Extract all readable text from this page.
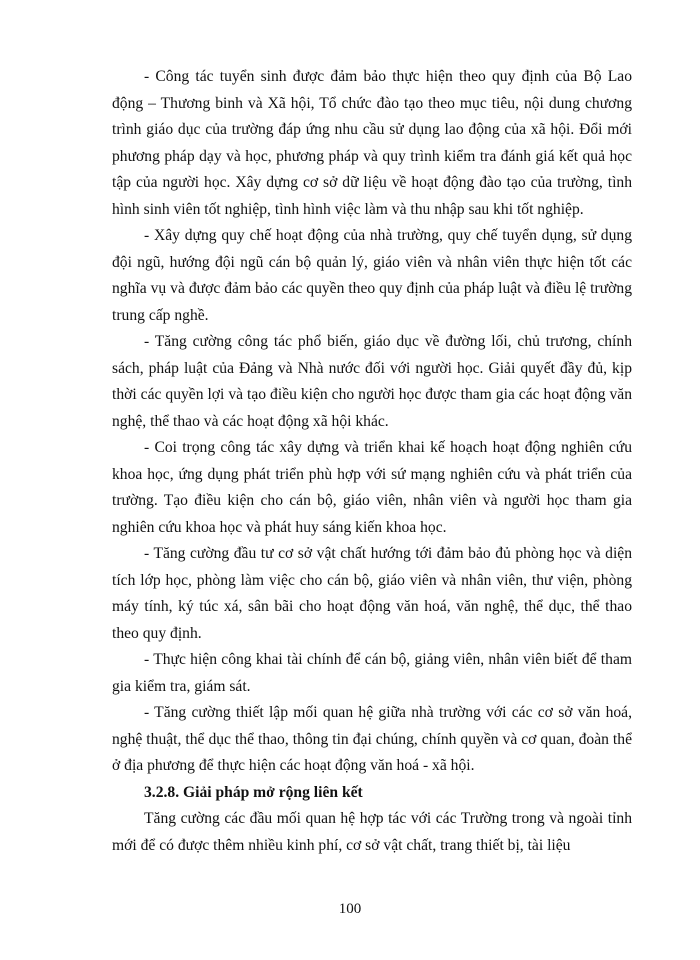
- Công tác tuyển sinh được đảm bảo thực hiện theo quy định của Bộ Lao động – Thương binh và Xã hội, Tổ chức đào tạo theo mục tiêu, nội dung chương trình giáo dục của trường đáp ứng nhu cầu sử dụng lao động của xã hội. Đổi mới phương pháp dạy và học, phương pháp và quy trình kiểm tra đánh giá kết quả học tập của người học. Xây dựng cơ sở dữ liệu về hoạt động đào tạo của trường, tình hình sinh viên tốt nghiệp, tình hình việc làm và thu nhập sau khi tốt nghiệp.

- Xây dựng quy chế hoạt động của nhà trường, quy chế tuyển dụng, sử dụng đội ngũ, hướng đội ngũ cán bộ quản lý, giáo viên và nhân viên thực hiện tốt các nghĩa vụ và được đảm bảo các quyền theo quy định của pháp luật và điều lệ trường trung cấp nghề.

- Tăng cường công tác phổ biến, giáo dục về đường lối, chủ trương, chính sách, pháp luật của Đảng và Nhà nước đối với người học. Giải quyết đầy đủ, kịp thời các quyền lợi và tạo điều kiện cho người học được tham gia các hoạt động văn nghệ, thể thao và các hoạt động xã hội khác.

- Coi trọng công tác xây dựng và triển khai kế hoạch hoạt động nghiên cứu khoa học, ứng dụng phát triển phù hợp với sứ mạng nghiên cứu và phát triển của trường. Tạo điều kiện cho cán bộ, giáo viên, nhân viên và người học tham gia nghiên cứu khoa học và phát huy sáng kiến khoa học.

- Tăng cường đầu tư cơ sở vật chất hướng tới đảm bảo đủ phòng học và diện tích lớp học, phòng làm việc cho cán bộ, giáo viên và nhân viên, thư viện, phòng máy tính, ký túc xá, sân bãi cho hoạt động văn hoá, văn nghệ, thể dục, thể thao theo quy định.

- Thực hiện công khai tài chính để cán bộ, giảng viên, nhân viên biết để tham gia kiểm tra, giám sát.

- Tăng cường thiết lập mối quan hệ giữa nhà trường với các cơ sở văn hoá, nghệ thuật, thể dục thể thao, thông tin đại chúng, chính quyền và cơ quan, đoàn thể ở địa phương để thực hiện các hoạt động văn hoá - xã hội.

3.2.8. Giải pháp mở rộng liên kết

Tăng cường các đầu mối quan hệ hợp tác với các Trường trong và ngoài tỉnh mới để có được thêm nhiều kinh phí, cơ sở vật chất, trang thiết bị, tài liệu

100
